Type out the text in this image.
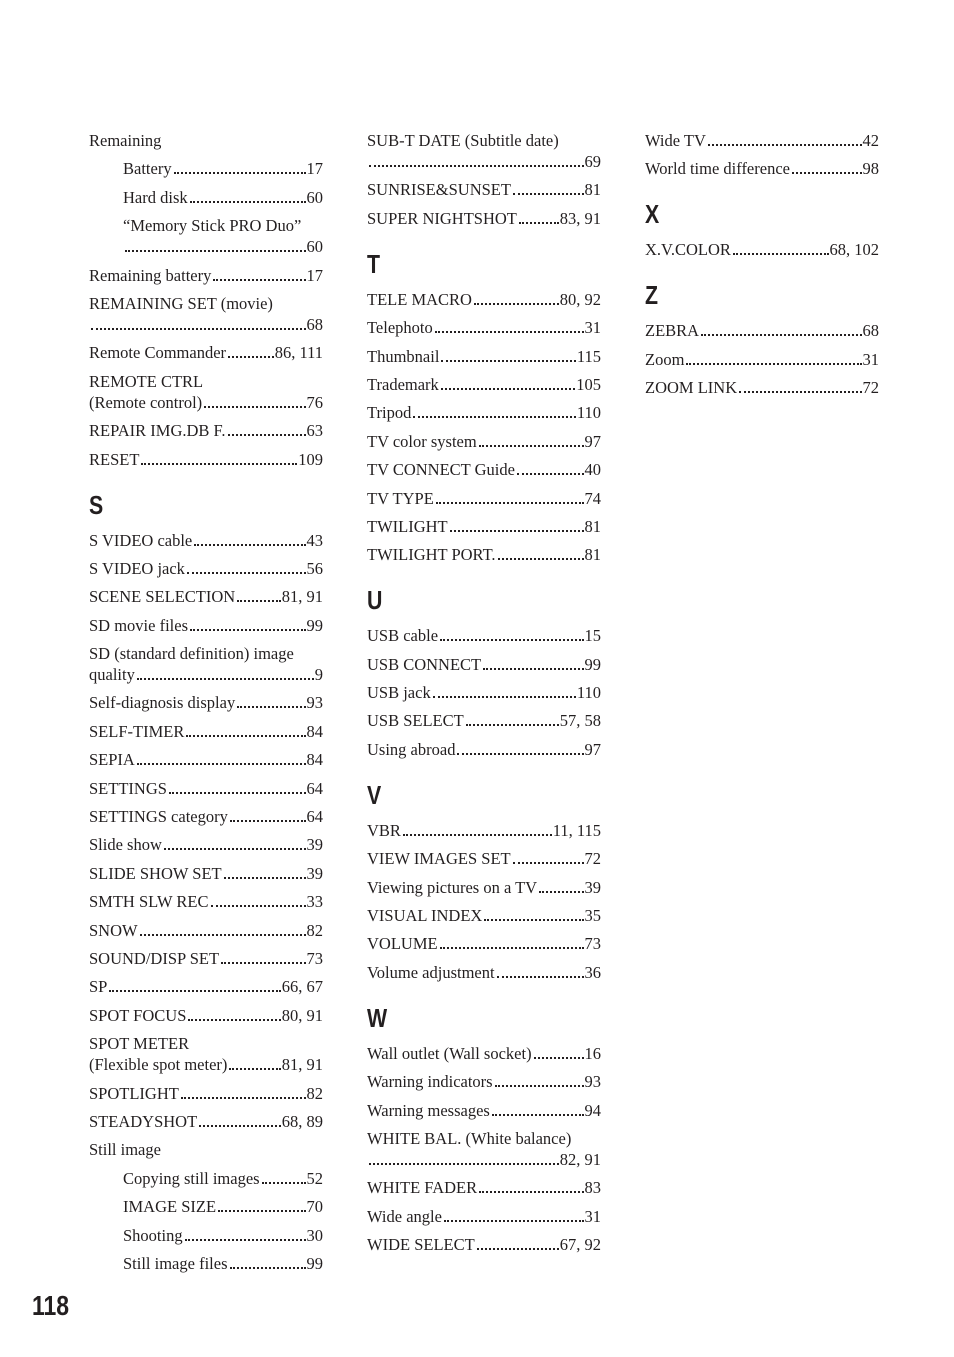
Remaining
Battery	17
Hard disk	60
“Memory Stick PRO Duo”
60
Remaining battery	17
REMAINING SET (movie)
68
Remote Commander	86, 111
REMOTE CTRL
(Remote control)	76
REPAIR IMG.DB F.	63
RESET	109
S
S VIDEO cable	43
S VIDEO jack	56
SCENE SELECTION	81, 91
SD movie files	99
SD (standard definition) image
quality	9
Self-diagnosis display	93
SELF-TIMER	84
SEPIA	84
SETTINGS	64
SETTINGS category	64
Slide show	39
SLIDE SHOW SET	39
SMTH SLW REC	33
SNOW	82
SOUND/DISP SET	73
SP	66, 67
SPOT FOCUS	80, 91
SPOT METER
(Flexible spot meter)	81, 91
SPOTLIGHT	82
STEADYSHOT	68, 89
Still image
Copying still images	52
IMAGE SIZE	70
Shooting	30
Still image files	99
SUB-T DATE (Subtitle date)
69
SUNRISE&SUNSET	81
SUPER NIGHTSHOT	83, 91
T
TELE MACRO	80, 92
Telephoto	31
Thumbnail	115
Trademark	105
Tripod	110
TV color system	97
TV CONNECT Guide	40
TV TYPE	74
TWILIGHT	81
TWILIGHT PORT.	81
U
USB cable	15
USB CONNECT	99
USB jack	110
USB SELECT	57, 58
Using abroad	97
V
VBR	11, 115
VIEW IMAGES SET	72
Viewing pictures on a TV	39
VISUAL INDEX	35
VOLUME	73
Volume adjustment	36
W
Wall outlet (Wall socket)	16
Warning indicators	93
Warning messages	94
WHITE BAL. (White balance)
82, 91
WHITE FADER	83
Wide angle	31
WIDE SELECT	67, 92
Wide TV	42
World time difference	98
X
X.V.COLOR	68, 102
Z
ZEBRA	68
Zoom	31
ZOOM LINK	72
118
